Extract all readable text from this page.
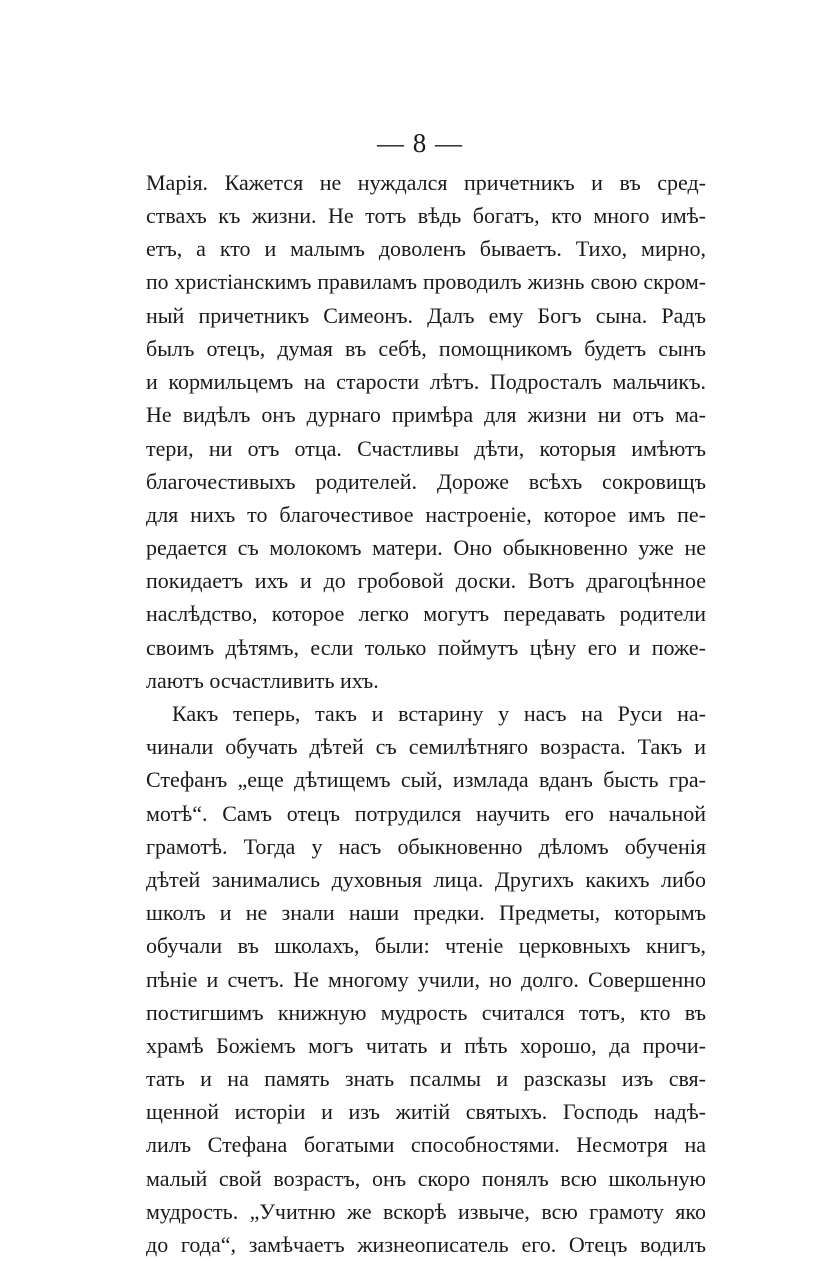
— 8 —
Марія. Кажется не нуждался причетникъ и въ сред-
ствахъ къ жизни. Не тотъ вѣдь богатъ, кто много имѣ-
етъ, а кто и малымъ доволенъ бываетъ. Тихо, мирно,
по христіанскимъ правиламъ проводилъ жизнь свою скром-
ный причетникъ Симеонъ. Далъ ему Богъ сына. Радъ
былъ отецъ, думая въ себѣ, помощникомъ будетъ сынъ
и кормильцемъ на старости лѣтъ. Подросталъ мальчикъ.
Не видѣлъ онъ дурнаго примѣра для жизни ни отъ ма-
тери, ни отъ отца. Счастливы дѣти, которыя имѣютъ
благочестивыхъ родителей. Дороже всѣхъ сокровищъ
для нихъ то благочестивое настроеніе, которое имъ пе-
редается съ молокомъ матери. Оно обыкновенно уже не
покидаетъ ихъ и до гробовой доски. Вотъ драгоцѣнное
наслѣдство, которое легко могутъ передавать родители
своимъ дѣтямъ, если только поймутъ цѣну его и поже-
лаютъ осчастливить ихъ.
Какъ теперь, такъ и встарину у насъ на Руси на-
чинали обучать дѣтей съ семилѣтняго возраста. Такъ и
Стефанъ „еще дѣтищемъ сый, измлада вданъ бысть гра-
мотѣ“. Самъ отецъ потрудился научить его начальной
грамотѣ. Тогда у насъ обыкновенно дѣломъ обученія
дѣтей занимались духовныя лица. Другихъ какихъ либо
школъ и не знали наши предки. Предметы, которымъ
обучали въ школахъ, были: чтеніе церковныхъ книгъ,
пѣніе и счетъ. Не многому учили, но долго. Совершенно
постигшимъ книжную мудрость считался тотъ, кто въ
храмѣ Божіемъ могъ читать и пѣть хорошо, да прочи-
тать и на память знать псалмы и разсказы изъ свя-
щенной исторіи и изъ житій святыхъ. Господь надѣ-
лилъ Стефана богатыми способностями. Несмотря на
малый свой возрастъ, онъ скоро понялъ всю школьную
мудрость. „Учитню же вскорѣ извыче, всю грамоту яко
до года“, замѣчаетъ жизнеописатель его. Отецъ водилъ
